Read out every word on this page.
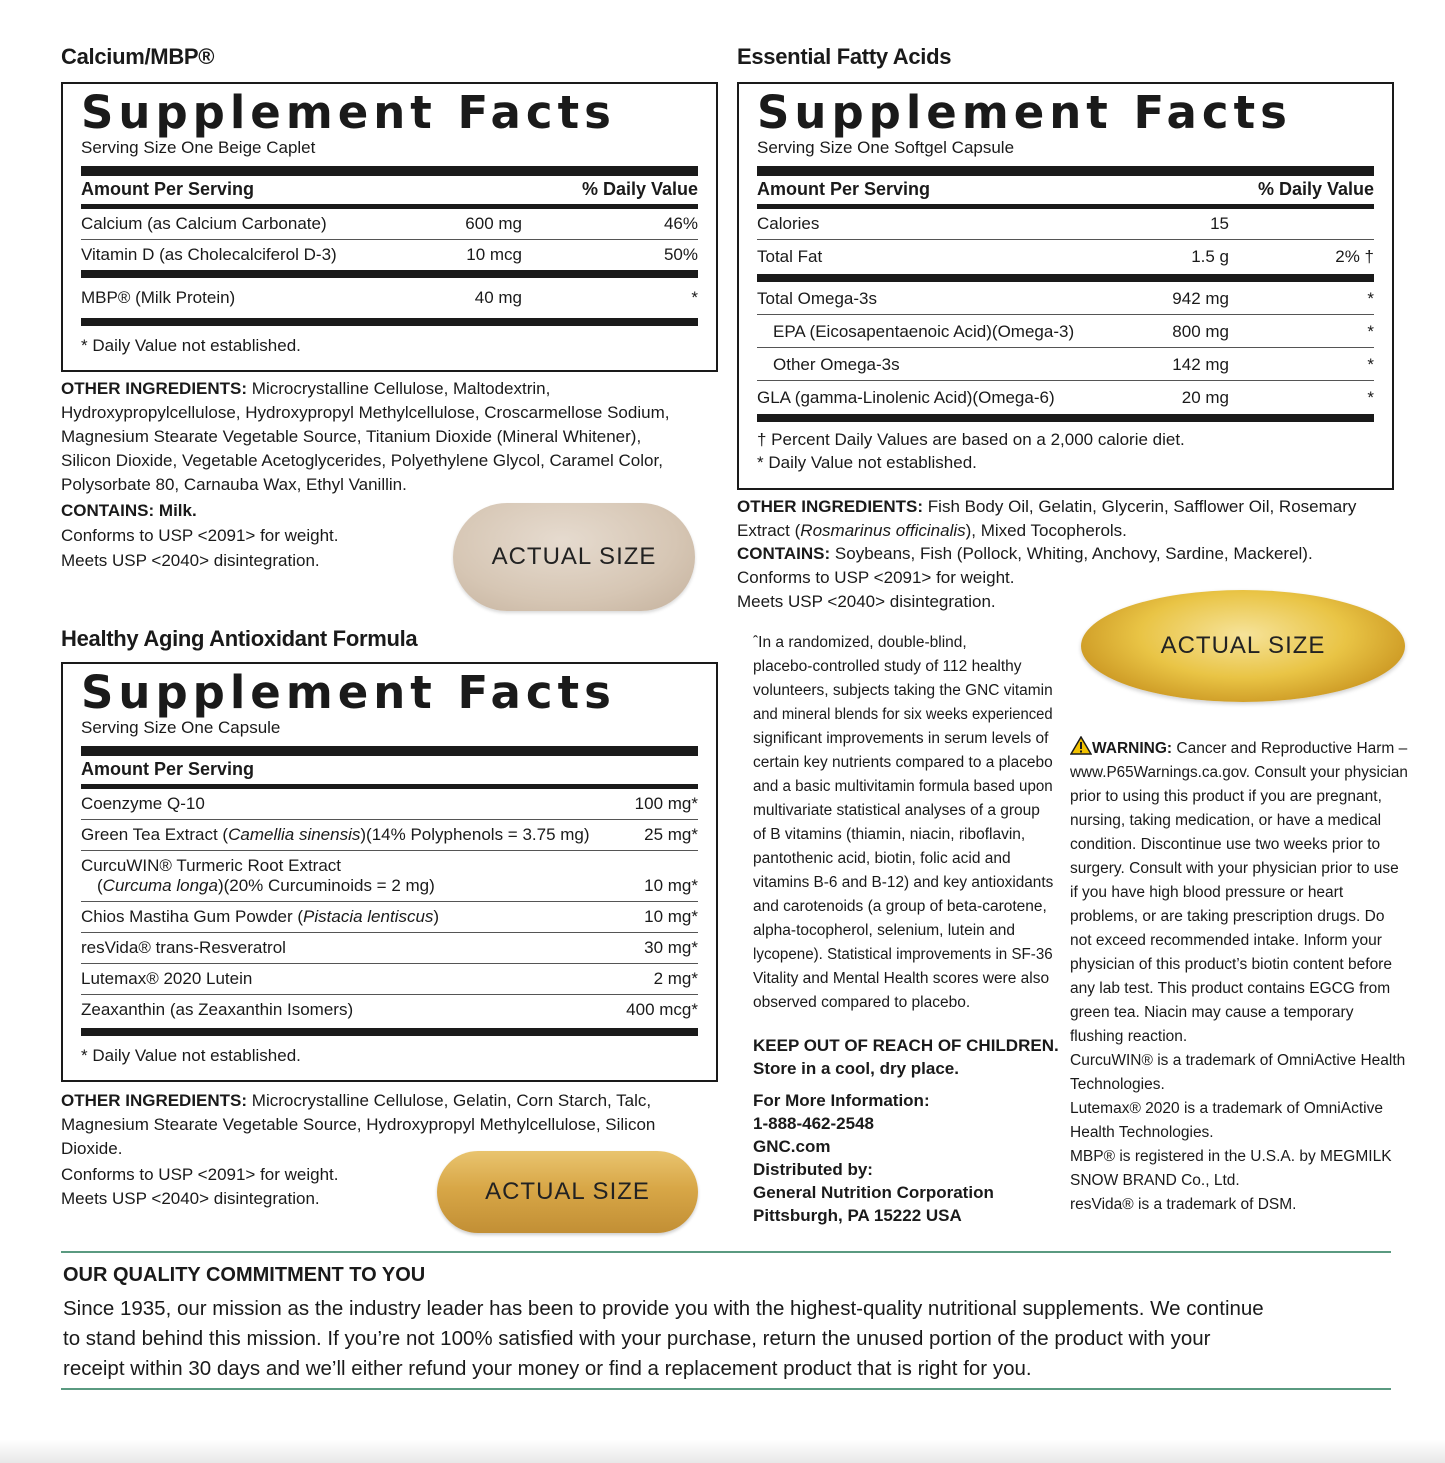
Calcium/MBP®
Supplement Facts
Serving Size One Beige Caplet
Amount Per Serving	% Daily Value
Calcium (as Calcium Carbonate)	600 mg	46%
Vitamin D (as Cholecalciferol D-3)	10 mcg	50%
MBP® (Milk Protein)	40 mg	*
* Daily Value not established.
OTHER INGREDIENTS: Microcrystalline Cellulose, Maltodextrin, Hydroxypropylcellulose, Hydroxypropyl Methylcellulose, Croscarmellose Sodium, Magnesium Stearate Vegetable Source, Titanium Dioxide (Mineral Whitener), Silicon Dioxide, Vegetable Acetoglycerides, Polyethylene Glycol, Caramel Color, Polysorbate 80, Carnauba Wax, Ethyl Vanillin.
CONTAINS: Milk.
Conforms to USP <2091> for weight.
Meets USP <2040> disintegration.	ACTUAL SIZE
Essential Fatty Acids
Supplement Facts
Serving Size One Softgel Capsule
Amount Per Serving	% Daily Value
Calories	15
Total Fat	1.5 g	2% †
Total Omega-3s	942 mg	*
EPA (Eicosapentaenoic Acid)(Omega-3)	800 mg	*
Other Omega-3s	142 mg	*
GLA (gamma-Linolenic Acid)(Omega-6)	20 mg	*
† Percent Daily Values are based on a 2,000 calorie diet.
* Daily Value not established.
OTHER INGREDIENTS: Fish Body Oil, Gelatin, Glycerin, Safflower Oil, Rosemary Extract (Rosmarinus officinalis), Mixed Tocopherols.
CONTAINS: Soybeans, Fish (Pollock, Whiting, Anchovy, Sardine, Mackerel).
Conforms to USP <2091> for weight.
Meets USP <2040> disintegration.
ACTUAL SIZE
Healthy Aging Antioxidant Formula
Supplement Facts
Serving Size One Capsule
Amount Per Serving
Coenzyme Q-10	100 mg*
Green Tea Extract (Camellia sinensis)(14% Polyphenols = 3.75 mg)	25 mg*
CurcuWIN® Turmeric Root Extract
(Curcuma longa)(20% Curcuminoids = 2 mg)	10 mg*
Chios Mastiha Gum Powder (Pistacia lentiscus)	10 mg*
resVida® trans-Resveratrol	30 mg*
Lutemax® 2020 Lutein	2 mg*
Zeaxanthin (as Zeaxanthin Isomers)	400 mcg*
* Daily Value not established.
OTHER INGREDIENTS: Microcrystalline Cellulose, Gelatin, Corn Starch, Talc, Magnesium Stearate Vegetable Source, Hydroxypropyl Methylcellulose, Silicon Dioxide.
Conforms to USP <2091> for weight.
Meets USP <2040> disintegration.	ACTUAL SIZE
ˆIn a randomized, double-blind,
placebo-controlled study of 112 healthy
volunteers, subjects taking the GNC vitamin
and mineral blends for six weeks experienced
significant improvements in serum levels of
certain key nutrients compared to a placebo
and a basic multivitamin formula based upon
multivariate statistical analyses of a group
of B vitamins (thiamin, niacin, riboflavin,
pantothenic acid, biotin, folic acid and
vitamins B-6 and B-12) and key antioxidants
and carotenoids (a group of beta-carotene,
alpha-tocopherol, selenium, lutein and
lycopene). Statistical improvements in SF-36
Vitality and Mental Health scores were also
observed compared to placebo.
KEEP OUT OF REACH OF CHILDREN.
Store in a cool, dry place.
For More Information:
1-888-462-2548
GNC.com
Distributed by:
General Nutrition Corporation
Pittsburgh, PA 15222 USA
WARNING: Cancer and Reproductive Harm –
www.P65Warnings.ca.gov. Consult your physician
prior to using this product if you are pregnant,
nursing, taking medication, or have a medical
condition. Discontinue use two weeks prior to
surgery. Consult with your physician prior to use
if you have high blood pressure or heart
problems, or are taking prescription drugs. Do
not exceed recommended intake. Inform your
physician of this product’s biotin content before
any lab test. This product contains EGCG from
green tea. Niacin may cause a temporary
flushing reaction.
CurcuWIN® is a trademark of OmniActive Health
Technologies.
Lutemax® 2020 is a trademark of OmniActive
Health Technologies.
MBP® is registered in the U.S.A. by MEGMILK
SNOW BRAND Co., Ltd.
resVida® is a trademark of DSM.
OUR QUALITY COMMITMENT TO YOU
Since 1935, our mission as the industry leader has been to provide you with the highest-quality nutritional supplements. We continue
to stand behind this mission. If you’re not 100% satisfied with your purchase, return the unused portion of the product with your
receipt within 30 days and we’ll either refund your money or find a replacement product that is right for you.
